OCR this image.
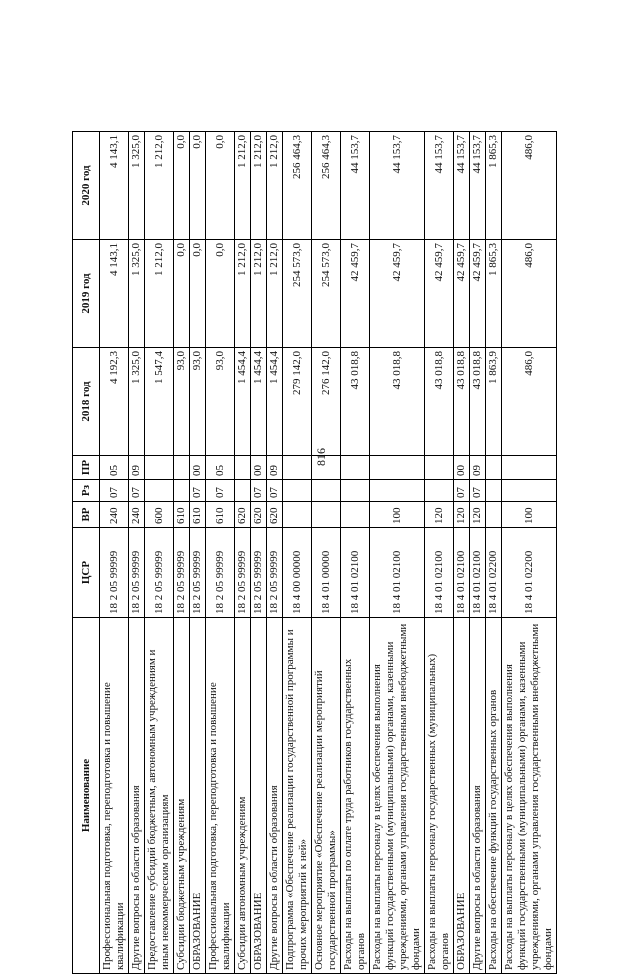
816
Наименование	ЦСР	ВР	Рз	ПР	2018 год	2019 год	2020 год
Профессиональная подготовка, переподготовка и повышение квалификации	18 2 05 99999	240	07	05	4 192,3	4 143,1	4 143,1
Другие вопросы в области образования	18 2 05 99999	240	07	09	1 325,0	1 325,0	1 325,0
Предоставление субсидий бюджетным, автономным учреждениям и иным некоммерческим организациям	18 2 05 99999	600			1 547,4	1 212,0	1 212,0
Субсидии бюджетным учреждениям	18 2 05 99999	610			93,0	0,0	0,0
ОБРАЗОВАНИЕ	18 2 05 99999	610	07	00	93,0	0,0	0,0
Профессиональная подготовка, переподготовка и повышение квалификации	18 2 05 99999	610	07	05	93,0	0,0	0,0
Субсидии автономным учреждениям	18 2 05 99999	620			1 454,4	1 212,0	1 212,0
ОБРАЗОВАНИЕ	18 2 05 99999	620	07	00	1 454,4	1 212,0	1 212,0
Другие вопросы в области образования	18 2 05 99999	620	07	09	1 454,4	1 212,0	1 212,0
Подпрограмма «Обеспечение реализации государственной программы и прочих мероприятий к ней»	18 4 00 00000				279 142,0	254 573,0	256 464,3
Основное мероприятие «Обеспечение реализации мероприятий государственной программы»	18 4 01 00000				276 142,0	254 573,0	256 464,3
Расходы на выплаты по оплате труда работников государственных органов	18 4 01 02100				43 018,8	42 459,7	44 153,7
Расходы на выплаты персоналу в целях обеспечения выполнения функций государственными (муниципальными) органами, казенными учреждениями, органами управления государственными внебюджетными фондами	18 4 01 02100	100			43 018,8	42 459,7	44 153,7
Расходы на выплаты персоналу государственных (муниципальных) органов	18 4 01 02100	120			43 018,8	42 459,7	44 153,7
ОБРАЗОВАНИЕ	18 4 01 02100	120	07	00	43 018,8	42 459,7	44 153,7
Другие вопросы в области образования	18 4 01 02100	120	07	09	43 018,8	42 459,7	44 153,7
Расходы на обеспечение функций государственных органов	18 4 01 02200				1 863,9	1 865,3	1 865,3
Расходы на выплаты персоналу в целях обеспечения выполнения функций государственными (муниципальными) органами, казенными учреждениями, органами управления государственными внебюджетными фондами	18 4 01 02200	100			486,0	486,0	486,0
